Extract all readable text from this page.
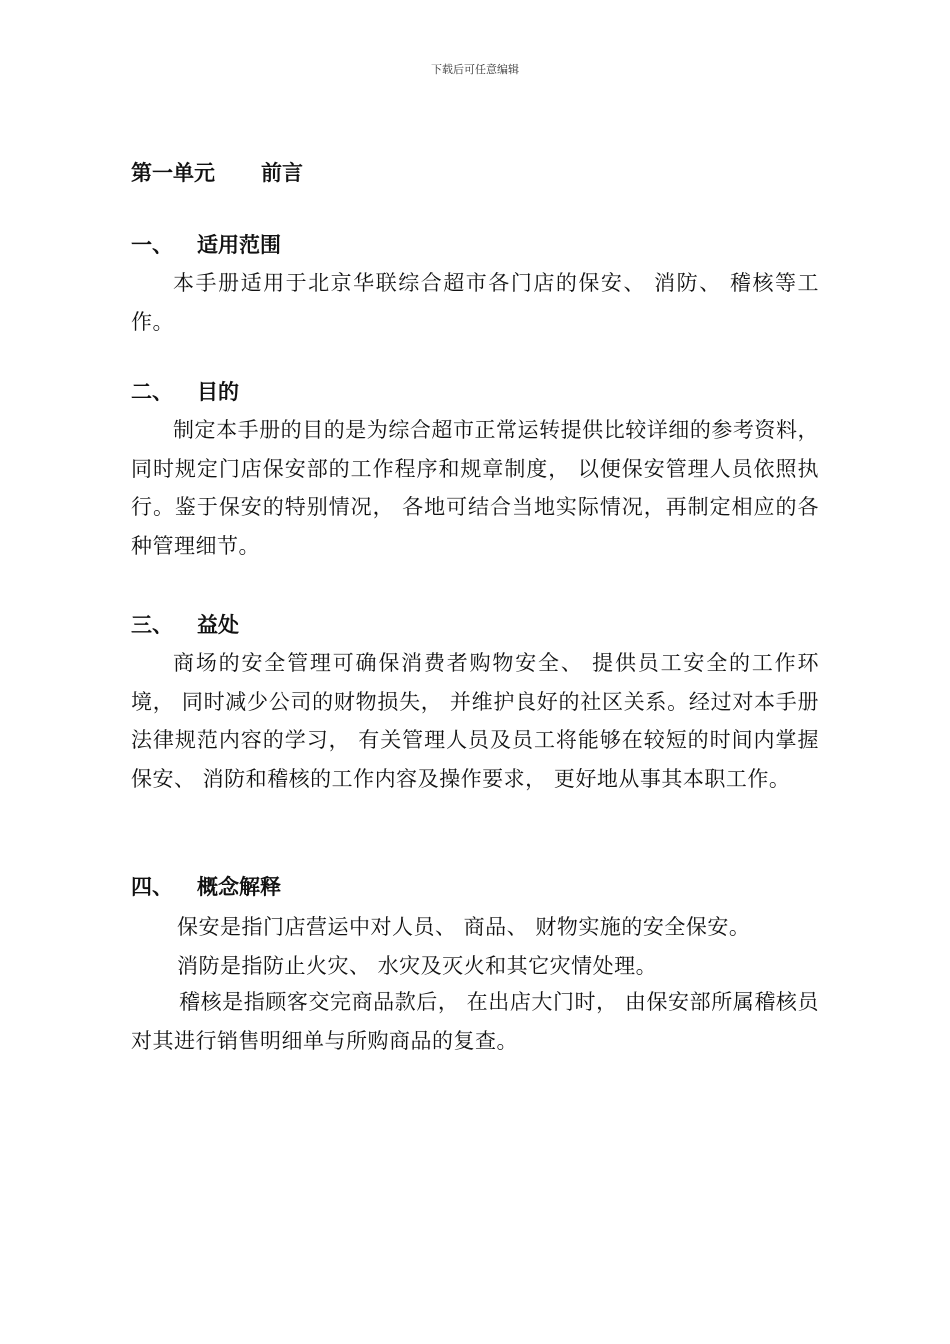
下载后可任意编辑
第一单元 前言
一、 适用范围
本手册适用于北京华联综合超市各门店的保安、 消防、 稽核等工作。
二、 目的
制定本手册的目的是为综合超市正常运转提供比较详细的参考资料， 同时规定门店保安部的工作程序和规章制度， 以便保安管理人员依照执行。鉴于保安的特别情况， 各地可结合当地实际情况，再制定相应的各种管理细节。
三、 益处
商场的安全管理可确保消费者购物安全、 提供员工安全的工作环境， 同时减少公司的财物损失， 并维护良好的社区关系。经过对本手册法律规范内容的学习， 有关管理人员及员工将能够在较短的时间内掌握保安、 消防和稽核的工作内容及操作要求， 更好地从事其本职工作。
四、 概念解释
保安是指门店营运中对人员、 商品、 财物实施的安全保安。
消防是指防止火灾、 水灾及灭火和其它灾情处理。
稽核是指顾客交完商品款后， 在出店大门时， 由保安部所属稽核员对其进行销售明细单与所购商品的复查。
